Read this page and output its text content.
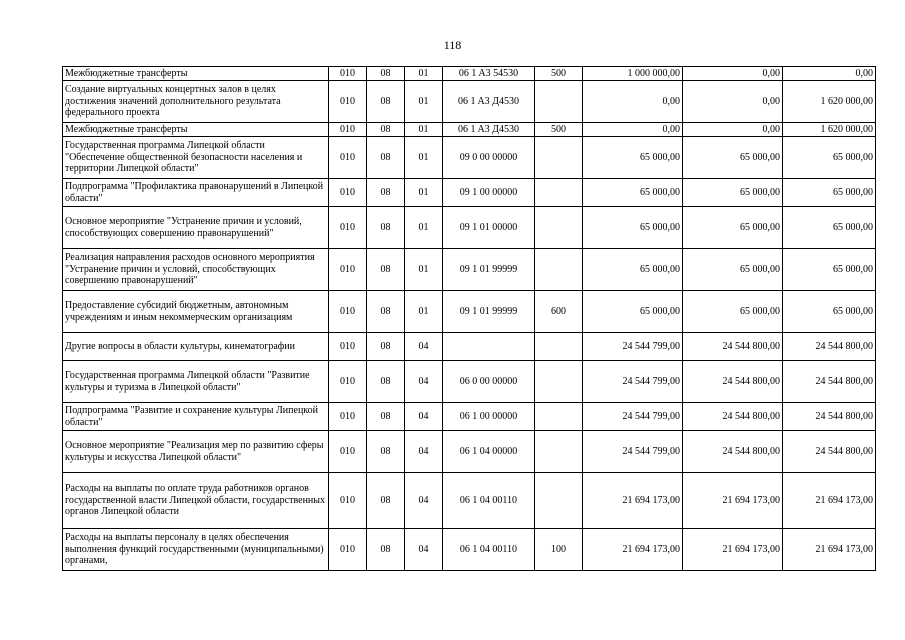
118
Межбюджетные трансферты	010	08	01	06 1 A3 54530	500	1 000 000,00	0,00	0,00
Создание виртуальных концертных залов в целях достижения значений дополнительного результата федерального проекта	010	08	01	06 1 A3 Д4530		0,00	0,00	1 620 000,00
Межбюджетные трансферты	010	08	01	06 1 A3 Д4530	500	0,00	0,00	1 620 000,00
Государственная программа Липецкой области "Обеспечение общественной безопасности населения и территории Липецкой области"	010	08	01	09 0 00 00000		65 000,00	65 000,00	65 000,00
Подпрограмма "Профилактика правонарушений в Липецкой области"	010	08	01	09 1 00 00000		65 000,00	65 000,00	65 000,00
Основное мероприятие "Устранение причин и условий, способствующих совершению правонарушений"	010	08	01	09 1 01 00000		65 000,00	65 000,00	65 000,00
Реализация направления расходов основного мероприятия "Устранение причин и условий, способствующих совершению правонарушений"	010	08	01	09 1 01 99999		65 000,00	65 000,00	65 000,00
Предоставление субсидий бюджетным, автономным учреждениям и иным некоммерческим организациям	010	08	01	09 1 01 99999	600	65 000,00	65 000,00	65 000,00
Другие вопросы в области культуры, кинематографии	010	08	04			24 544 799,00	24 544 800,00	24 544 800,00
Государственная программа Липецкой области "Развитие культуры и туризма в Липецкой области"	010	08	04	06 0 00 00000		24 544 799,00	24 544 800,00	24 544 800,00
Подпрограмма "Развитие и сохранение культуры Липецкой области"	010	08	04	06 1 00 00000		24 544 799,00	24 544 800,00	24 544 800,00
Основное мероприятие "Реализация мер по развитию сферы культуры и искусства Липецкой области"	010	08	04	06 1 04 00000		24 544 799,00	24 544 800,00	24 544 800,00
Расходы на выплаты по оплате труда работников органов государственной власти Липецкой области, государственных органов Липецкой области	010	08	04	06 1 04 00110		21 694 173,00	21 694 173,00	21 694 173,00
Расходы на выплаты персоналу в целях обеспечения выполнения функций государственными (муниципальными) органами,	010	08	04	06 1 04 00110	100	21 694 173,00	21 694 173,00	21 694 173,00
